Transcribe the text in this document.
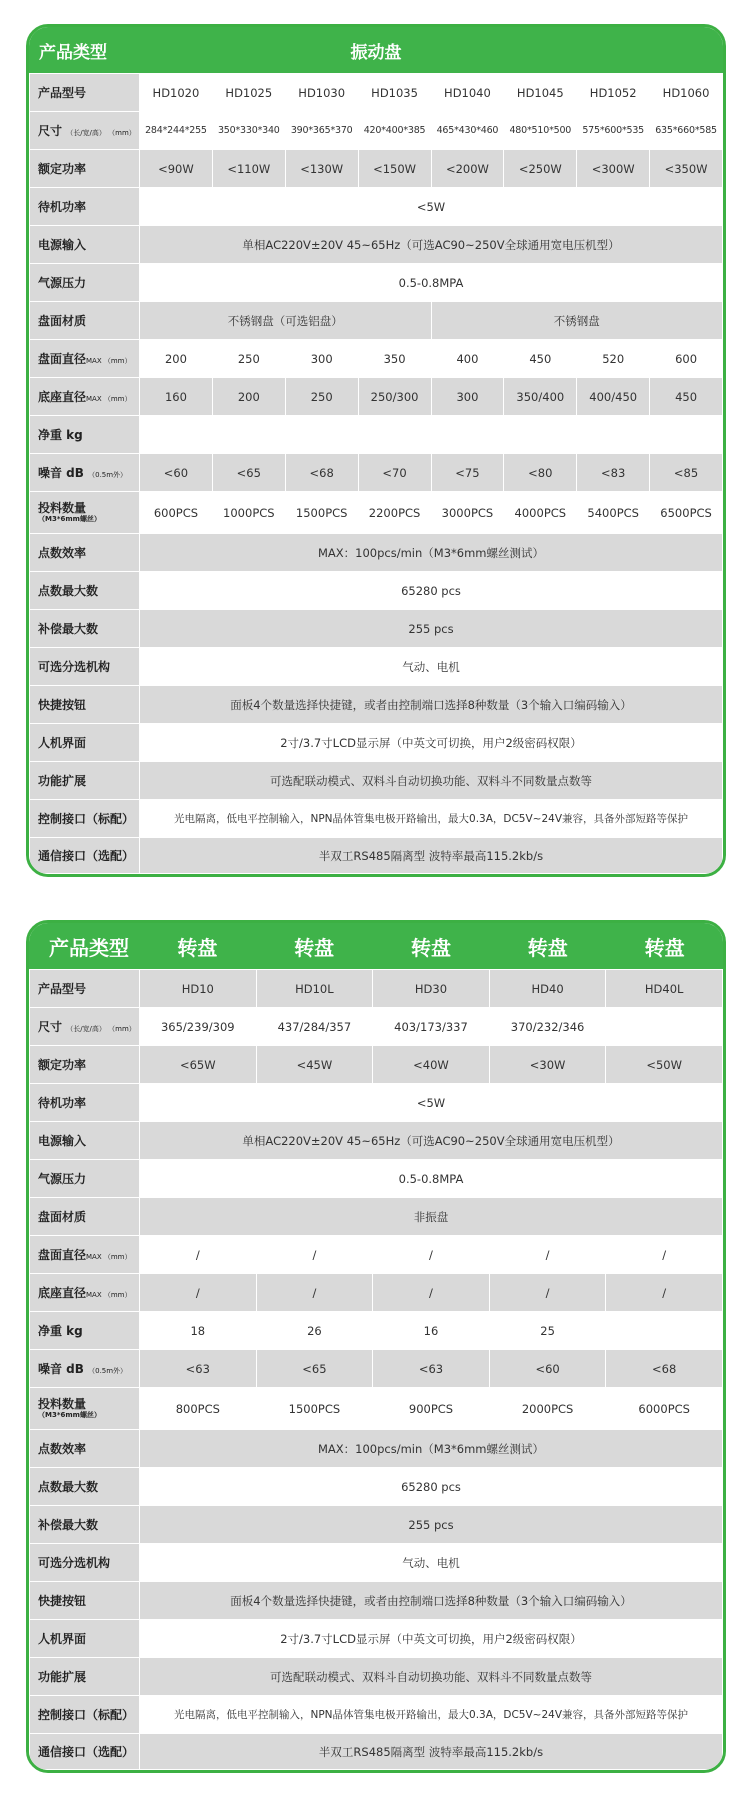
产品类型	振动盘
产品型号	HD1020	HD1025	HD1030	HD1035	HD1040	HD1045	HD1052	HD1060
尺寸 （长/宽/高） （mm）	284*244*255	350*330*340	390*365*370	420*400*385	465*430*460	480*510*500	575*600*535	635*660*585
额定功率	<90W	<110W	<130W	<150W	<200W	<250W	<300W	<350W
待机功率	<5W							
电源输入	单相AC220V±20V 45~65Hz（可选AC90~250V全球通用宽电压机型）							
气源压力	0.5-0.8MPA							
盘面材质	不锈钢盘（可选铝盘）				不锈钢盘			
盘面直径MAX （mm）	200	250	300	350	400	450	520	600
底座直径MAX （mm）	160	200	250	250/300	300	350/400	400/450	450
净重 kg								
噪音 dB （0.5m外）	<60	<65	<68	<70	<75	<80	<83	<85
投料数量
（M3*6mm螺丝）	600PCS	1000PCS	1500PCS	2200PCS	3000PCS	4000PCS	5400PCS	6500PCS
点数效率	MAX：100pcs/min（M3*6mm螺丝测试）							
点数最大数	65280 pcs							
补偿最大数	255 pcs							
可选分选机构	气动、电机							
快捷按钮	面板4个数量选择快捷键，或者由控制端口选择8种数量（3个输入口编码输入）							
人机界面	2寸/3.7寸LCD显示屏（中英文可切换，用户2级密码权限）							
功能扩展	可选配联动模式、双料斗自动切换功能、双料斗不同数量点数等							
控制接口（标配）	光电隔离，低电平控制输入，NPN晶体管集电极开路输出，最大0.3A，DC5V~24V兼容，具备外部短路等保护							
通信接口（选配）	半双工RS485隔离型 波特率最高115.2kb/s							
产品类型	转盘	转盘	转盘	转盘	转盘
产品型号	HD10	HD10L	HD30	HD40	HD40L
尺寸 （长/宽/高） （mm）	365/239/309	437/284/357	403/173/337	370/232/346	
额定功率	<65W	<45W	<40W	<30W	<50W
待机功率	<5W				
电源输入	单相AC220V±20V 45~65Hz（可选AC90~250V全球通用宽电压机型）				
气源压力	0.5-0.8MPA				
盘面材质	非振盘				
盘面直径MAX （mm）	/	/	/	/	/
底座直径MAX （mm）	/	/	/	/	/
净重 kg	18	26	16	25	
噪音 dB （0.5m外）	<63	<65	<63	<60	<68
投料数量
（M3*6mm螺丝）	800PCS	1500PCS	900PCS	2000PCS	6000PCS
点数效率	MAX：100pcs/min（M3*6mm螺丝测试）				
点数最大数	65280 pcs				
补偿最大数	255 pcs				
可选分选机构	气动、电机				
快捷按钮	面板4个数量选择快捷键，或者由控制端口选择8种数量（3个输入口编码输入）				
人机界面	2寸/3.7寸LCD显示屏（中英文可切换，用户2级密码权限）				
功能扩展	可选配联动模式、双料斗自动切换功能、双料斗不同数量点数等				
控制接口（标配）	光电隔离，低电平控制输入，NPN晶体管集电极开路输出，最大0.3A，DC5V~24V兼容，具备外部短路等保护				
通信接口（选配）	半双工RS485隔离型 波特率最高115.2kb/s				
